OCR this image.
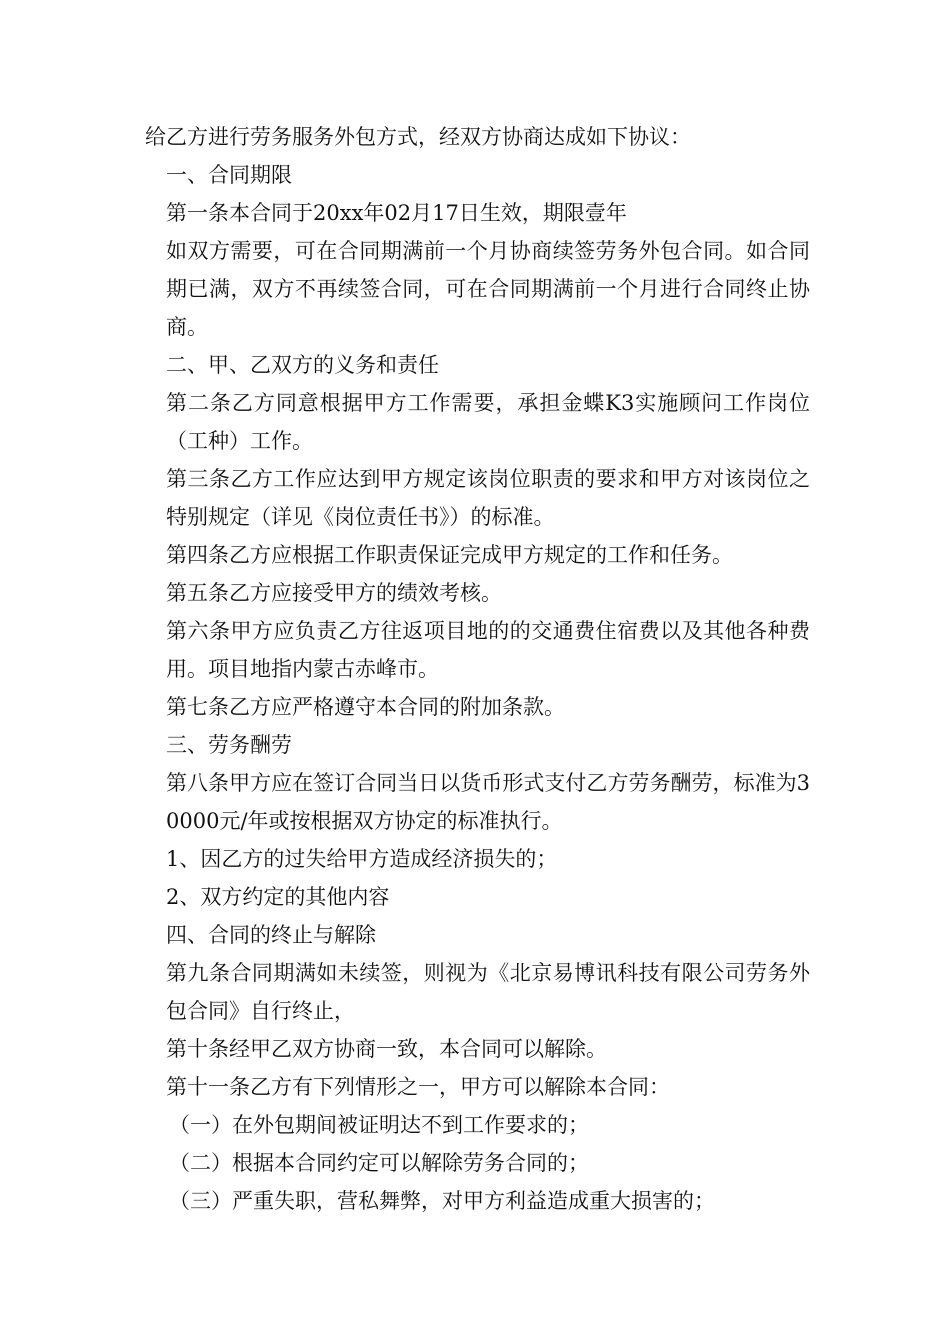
给乙方进行劳务服务外包方式，经双方协商达成如下协议：

一、合同期限

第一条本合同于20xx年02月17日生效，期限壹年

如双方需要，可在合同期满前一个月协商续签劳务外包合同。如合同期已满，双方不再续签合同，可在合同期满前一个月进行合同终止协商。

二、甲、乙双方的义务和责任

第二条乙方同意根据甲方工作需要，承担金蝶K3实施顾问工作岗位（工种）工作。

第三条乙方工作应达到甲方规定该岗位职责的要求和甲方对该岗位之特别规定（详见《岗位责任书》）的标准。

第四条乙方应根据工作职责保证完成甲方规定的工作和任务。

第五条乙方应接受甲方的绩效考核。

第六条甲方应负责乙方往返项目地的的交通费住宿费以及其他各种费用。项目地指内蒙古赤峰市。

第七条乙方应严格遵守本合同的附加条款。

三、劳务酬劳

第八条甲方应在签订合同当日以货币形式支付乙方劳务酬劳，标准为30000元/年或按根据双方协定的标准执行。

1、因乙方的过失给甲方造成经济损失的；

2、双方约定的其他内容

四、合同的终止与解除

第九条合同期满如未续签，则视为《北京易博讯科技有限公司劳务外包合同》自行终止，

第十条经甲乙双方协商一致，本合同可以解除。

第十一条乙方有下列情形之一，甲方可以解除本合同：

（一）在外包期间被证明达不到工作要求的；

（二）根据本合同约定可以解除劳务合同的；

（三）严重失职，营私舞弊，对甲方利益造成重大损害的；
